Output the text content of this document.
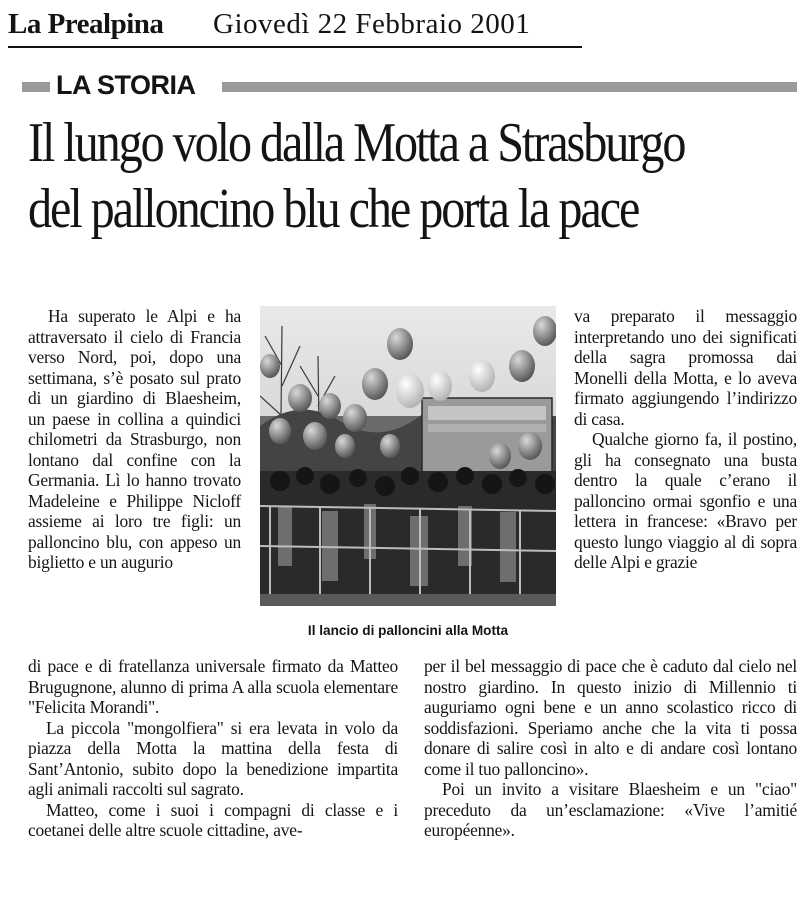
La Prealpina Giovedì 22 Febbraio 2001
LA STORIA
Il lungo volo dalla Motta a Strasburgo
del palloncino blu che porta la pace

Ha superato le Alpi e ha attraversato il cielo di Francia verso Nord, poi, dopo una settimana, s’è posato sul prato di un giardino di Blaesheim, un paese in collina a quindici chilometri da Strasburgo, non lontano dal confine con la Germania. Lì lo hanno trovato Madeleine e Philippe Nicloff assieme ai loro tre figli: un palloncino blu, con appeso un biglietto e un augurio

Il lancio di palloncini alla Motta

va preparato il messaggio interpretando uno dei significati della sagra promossa dai Monelli della Motta, e lo aveva firmato aggiungendo l’indirizzo di casa.

Qualche giorno fa, il postino, gli ha consegnato una busta dentro la quale c’erano il palloncino ormai sgonfio e una lettera in francese: «Bravo per questo lungo viaggio al di sopra delle Alpi e grazie

di pace e di fratellanza universale firmato da Matteo Brugugnone, alunno di prima A alla scuola elementare "Felicita Morandi".

La piccola "mongolfiera" si era levata in volo da piazza della Motta la mattina della festa di Sant’Antonio, subito dopo la benedizione impartita agli animali raccolti sul sagrato.

Matteo, come i suoi i compagni di classe e i coetanei delle altre scuole cittadine, ave-

per il bel messaggio di pace che è caduto dal cielo nel nostro giardino. In questo inizio di Millennio ti auguriamo ogni bene e un anno scolastico ricco di soddisfazioni. Speriamo anche che la vita ti possa donare di salire così in alto e di andare così lontano come il tuo palloncino».

Poi un invito a visitare Blaesheim e un "ciao" preceduto da un’esclamazione: «Vive l’amitié européenne».
